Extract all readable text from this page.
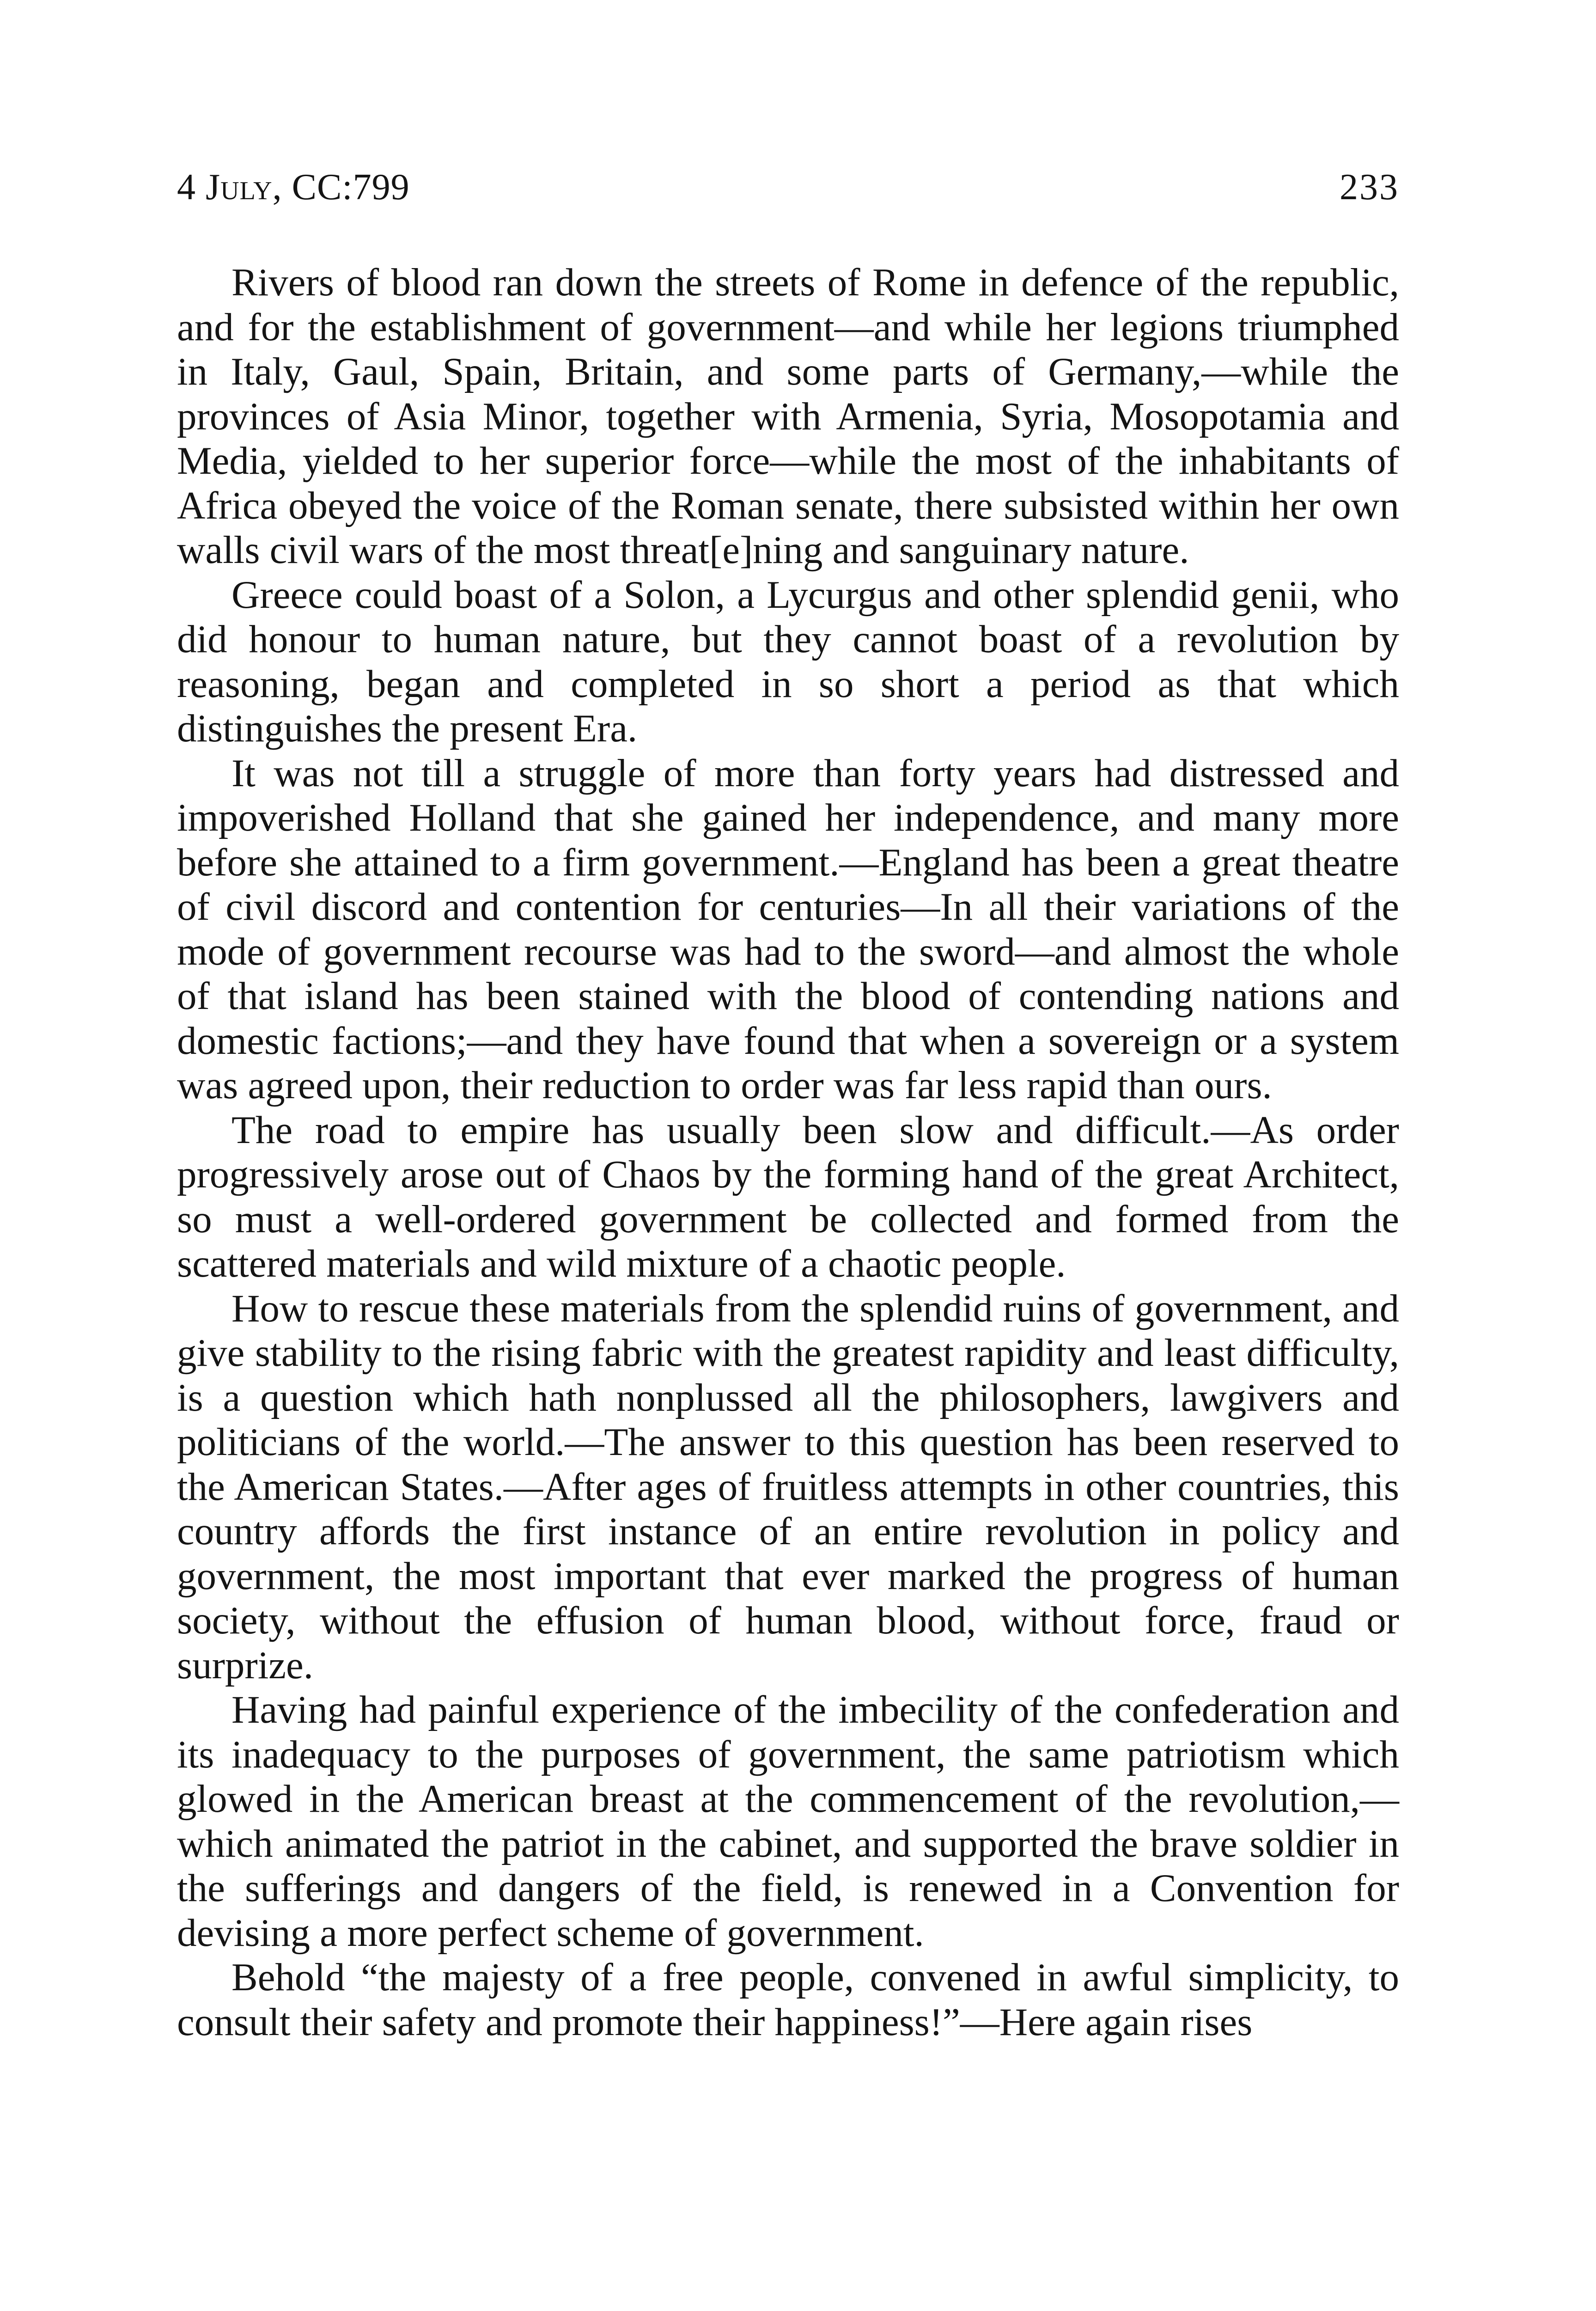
4 July, CC:799	233

Rivers of blood ran down the streets of Rome in defence of the republic, and for the establishment of government—and while her legions triumphed in Italy, Gaul, Spain, Britain, and some parts of Germany,—while the provinces of Asia Minor, together with Armenia, Syria, Mosopotamia and Media, yielded to her superior force—while the most of the inhabitants of Africa obeyed the voice of the Roman senate, there subsisted within her own walls civil wars of the most threat[e]ning and sanguinary nature.

Greece could boast of a Solon, a Lycurgus and other splendid genii, who did honour to human nature, but they cannot boast of a revolution by reasoning, began and completed in so short a period as that which distinguishes the present Era.

It was not till a struggle of more than forty years had distressed and impoverished Holland that she gained her independence, and many more before she attained to a firm government.—England has been a great theatre of civil discord and contention for centuries—In all their variations of the mode of government recourse was had to the sword—and almost the whole of that island has been stained with the blood of contending nations and domestic factions;—and they have found that when a sovereign or a system was agreed upon, their reduction to order was far less rapid than ours.

The road to empire has usually been slow and difficult.—As order progressively arose out of Chaos by the forming hand of the great Architect, so must a well-ordered government be collected and formed from the scattered materials and wild mixture of a chaotic people.

How to rescue these materials from the splendid ruins of government, and give stability to the rising fabric with the greatest rapidity and least difficulty, is a question which hath nonplussed all the philosophers, lawgivers and politicians of the world.—The answer to this question has been reserved to the American States.—After ages of fruitless attempts in other countries, this country affords the first instance of an entire revolution in policy and government, the most important that ever marked the progress of human society, without the effusion of human blood, without force, fraud or surprize.

Having had painful experience of the imbecility of the confederation and its inadequacy to the purposes of government, the same patriotism which glowed in the American breast at the commencement of the revolution,—which animated the patriot in the cabinet, and supported the brave soldier in the sufferings and dangers of the field, is renewed in a Convention for devising a more perfect scheme of government.

Behold “the majesty of a free people, convened in awful simplicity, to consult their safety and promote their happiness!”—Here again rises
